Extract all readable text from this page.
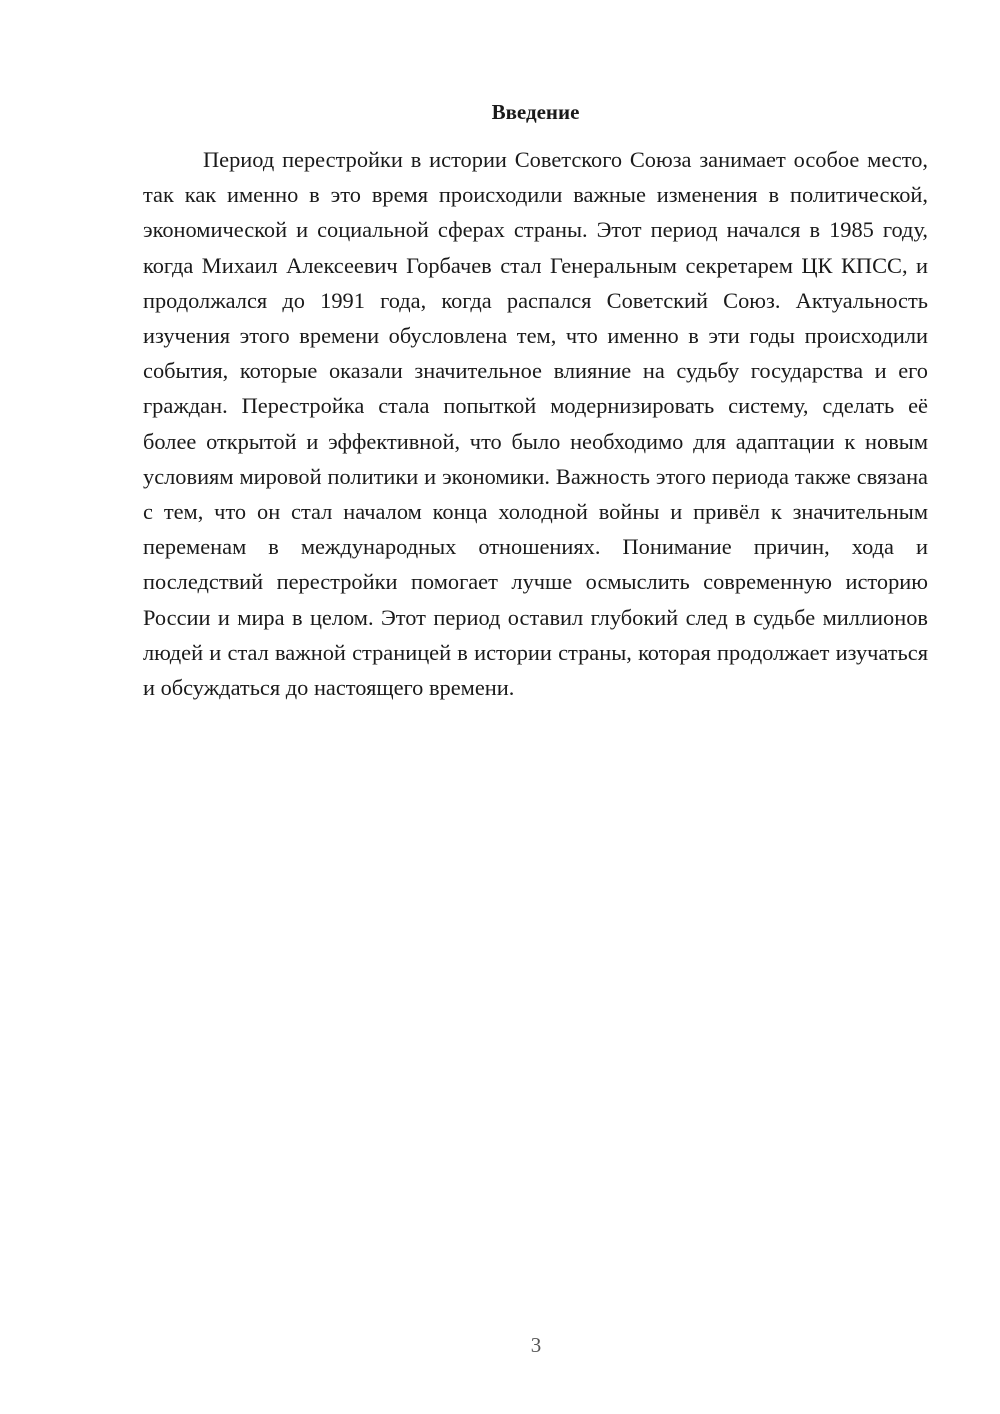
Введение

Период перестройки в истории Советского Союза занимает особое место, так как именно в это время происходили важные изменения в политической, экономической и социальной сферах страны. Этот период начался в 1985 году, когда Михаил Алексеевич Горбачев стал Генеральным секретарем ЦК КПСС, и продолжался до 1991 года, когда распался Советский Союз. Актуальность изучения этого времени обусловлена тем, что именно в эти годы происходили события, которые оказали значительное влияние на судьбу государства и его граждан. Перестройка стала попыткой модернизировать систему, сделать её более открытой и эффективной, что было необходимо для адаптации к новым условиям мировой политики и экономики. Важность этого периода также связана с тем, что он стал началом конца холодной войны и привёл к значительным переменам в международных отношениях. Понимание причин, хода и последствий перестройки помогает лучше осмыслить современную историю России и мира в целом. Этот период оставил глубокий след в судьбе миллионов людей и стал важной страницей в истории страны, которая продолжает изучаться и обсуждаться до настоящего времени.

3
